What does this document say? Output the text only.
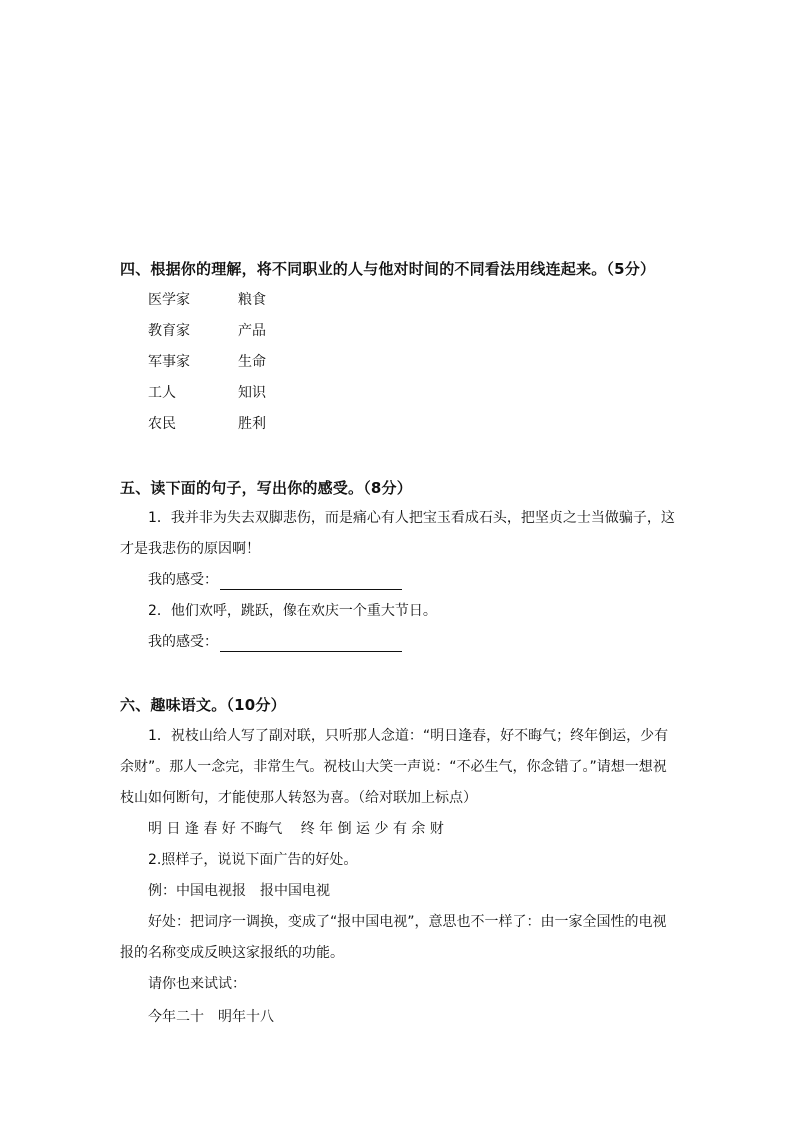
四、根据你的理解，将不同职业的人与他对时间的不同看法用线连起来。（5分）
医学家	粮食
教育家	产品
军事家	生命
工人	知识
农民	胜利
五、读下面的句子，写出你的感受。（8分）
1．我并非为失去双脚悲伤，而是痛心有人把宝玉看成石头，把坚贞之士当做骗子，这
才是我悲伤的原因啊！
我的感受：
2．他们欢呼，跳跃，像在欢庆一个重大节日。
我的感受：
六、趣味语文。（10分）
1．祝枝山给人写了副对联，只听那人念道：“明日逢春，好不晦气；终年倒运，少有
余财”。那人一念完，非常生气。祝枝山大笑一声说：“不必生气，你念错了。”请想一想祝
枝山如何断句，才能使那人转怒为喜。（给对联加上标点）
明 日 逢 春 好 不晦气　 终 年 倒 运 少 有 余 财
2.照样子，说说下面广告的好处。
例：中国电视报　报中国电视
好处：把词序一调换，变成了“报中国电视”，意思也不一样了：由一家全国性的电视
报的名称变成反映这家报纸的功能。
请你也来试试：
今年二十　明年十八
